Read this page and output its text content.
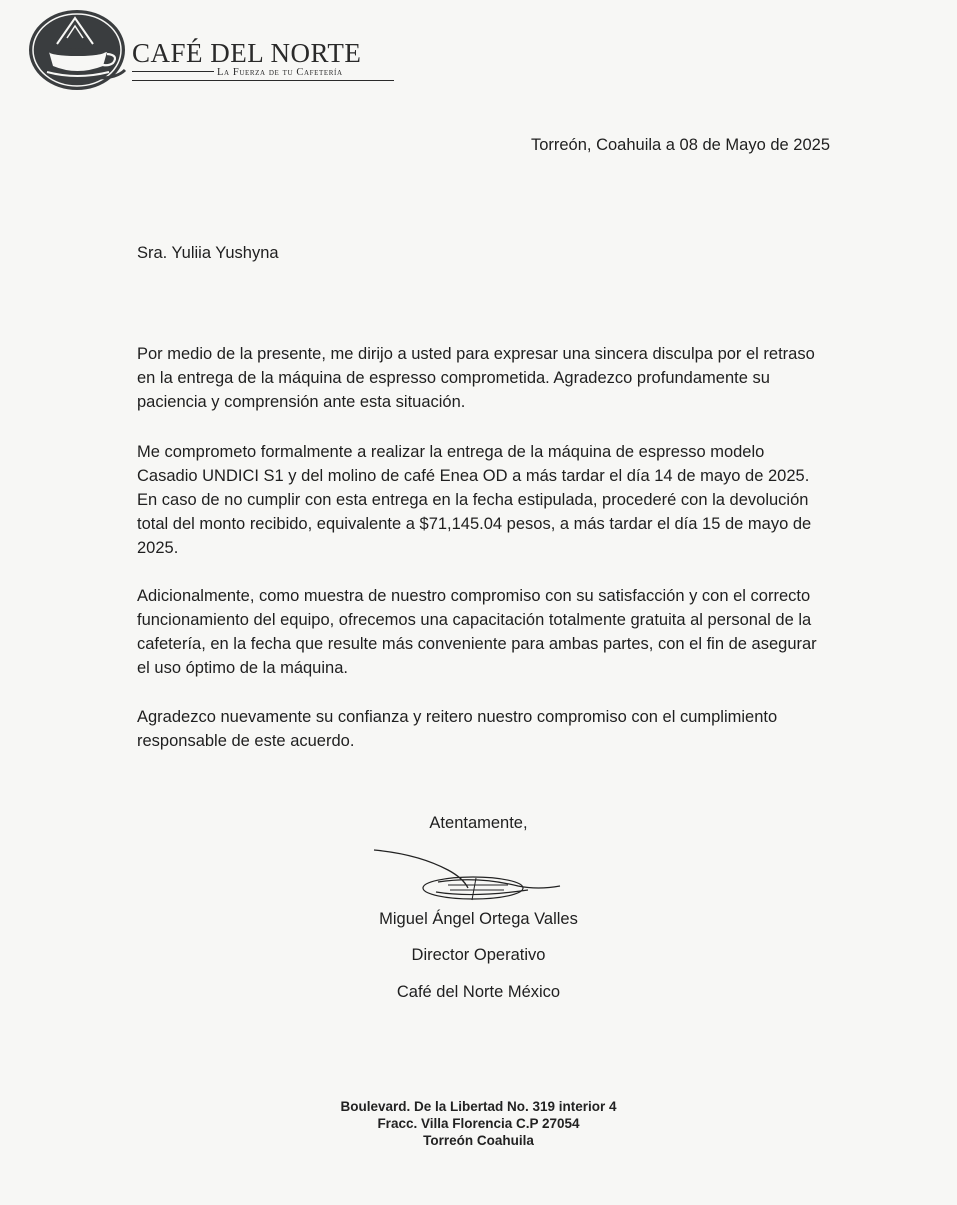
CAFÉ DEL NORTE
La Fuerza de tu Cafetería
Torreón, Coahuila a 08 de Mayo de 2025
Sra. Yuliia Yushyna

Por medio de la presente, me dirijo a usted para expresar una sincera disculpa por el retraso en la entrega de la máquina de espresso comprometida. Agradezco profundamente su paciencia y comprensión ante esta situación.

Me comprometo formalmente a realizar la entrega de la máquina de espresso modelo Casadio UNDICI S1 y del molino de café Enea OD a más tardar el día 14 de mayo de 2025. En caso de no cumplir con esta entrega en la fecha estipulada, procederé con la devolución total del monto recibido, equivalente a $71,145.04 pesos, a más tardar el día 15 de mayo de 2025.

Adicionalmente, como muestra de nuestro compromiso con su satisfacción y con el correcto funcionamiento del equipo, ofrecemos una capacitación totalmente gratuita al personal de la cafetería, en la fecha que resulte más conveniente para ambas partes, con el fin de asegurar el uso óptimo de la máquina.

Agradezco nuevamente su confianza y reitero nuestro compromiso con el cumplimiento responsable de este acuerdo.

Atentamente,
Miguel Ángel Ortega Valles
Director Operativo
Café del Norte México
Boulevard. De la Libertad No. 319 interior 4
Fracc. Villa Florencia C.P 27054
Torreón Coahuila
